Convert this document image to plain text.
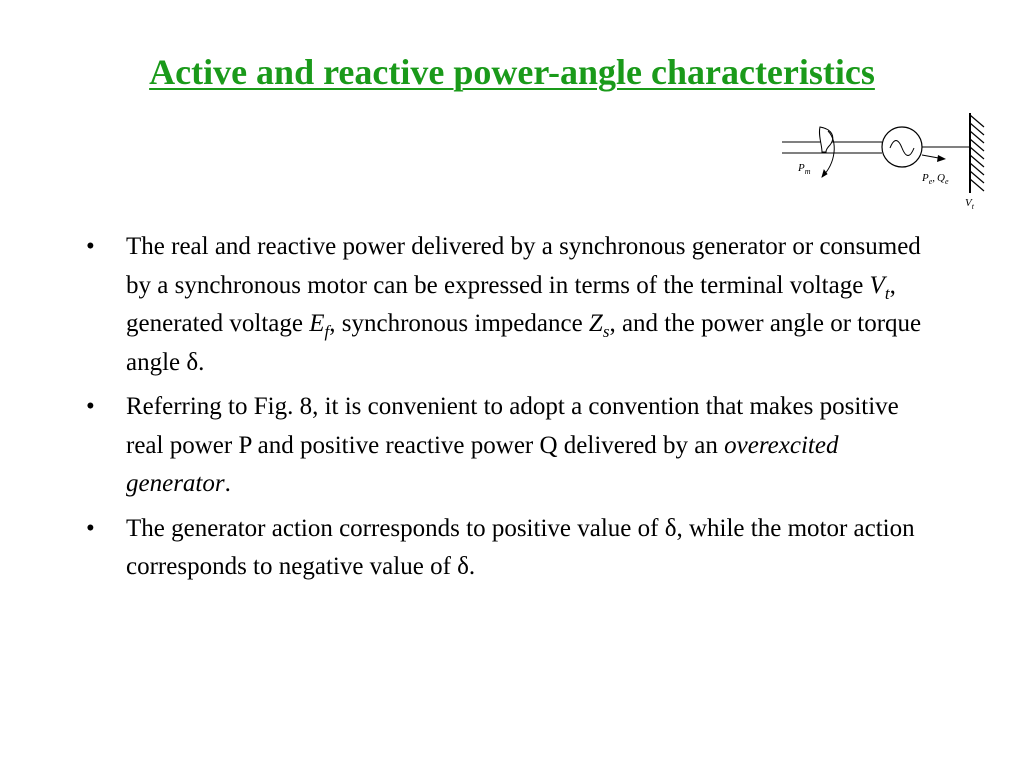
Active and reactive power-angle characteristics
$P_m$
$P_e$, $Q_e$
$V_t$
• The real and reactive power delivered by a synchronous generator or consumed by a synchronous motor can be expressed in terms of the terminal voltage $V_t$, generated voltage $E_f$, synchronous impedance $Z_s$, and the power angle or torque angle δ.
• Referring to Fig. 8, it is convenient to adopt a convention that makes positive real power P and positive reactive power Q delivered by an overexcited generator.
• The generator action corresponds to positive value of δ, while the motor action corresponds to negative value of δ.
